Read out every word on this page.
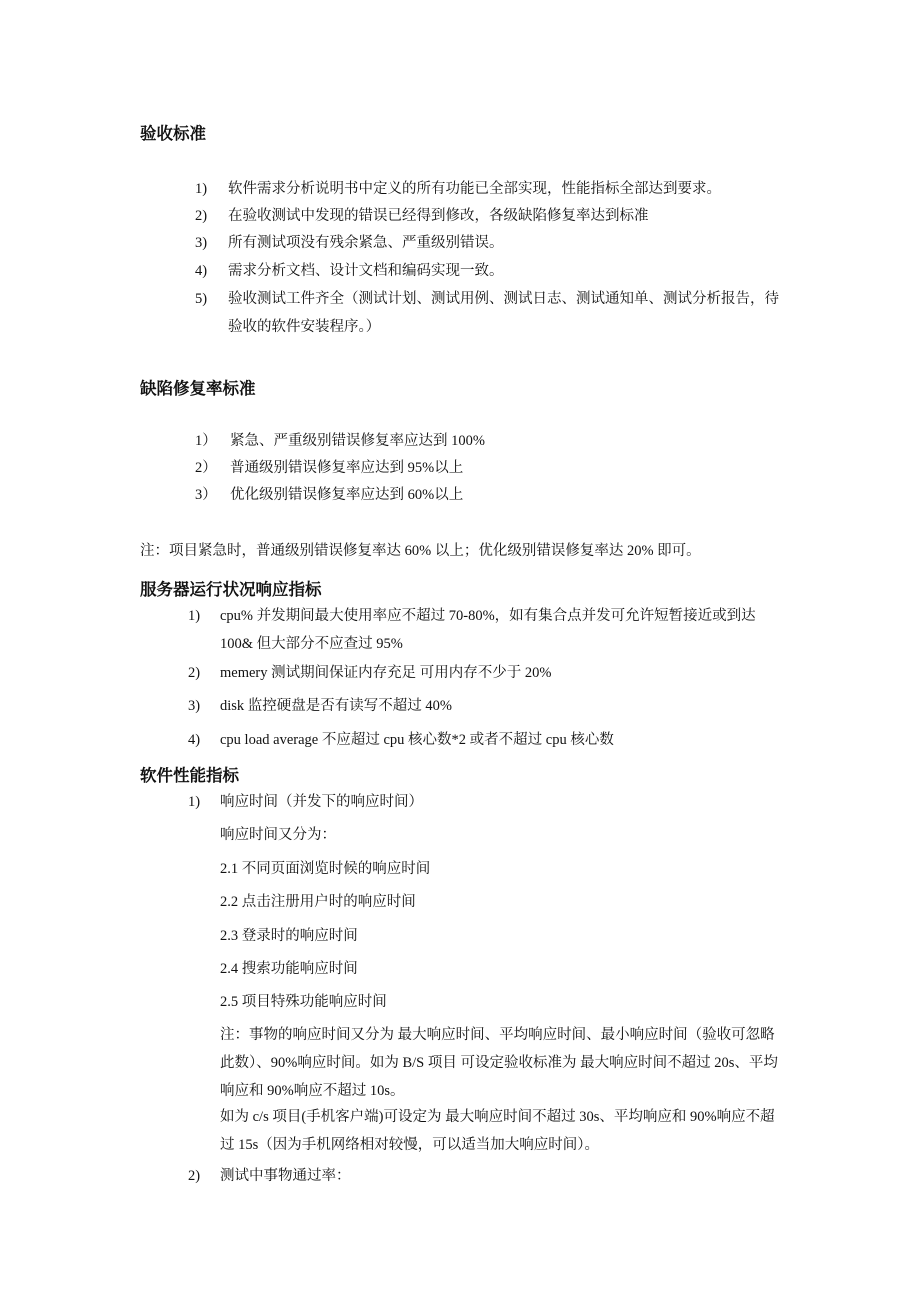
验收标准
1) 软件需求分析说明书中定义的所有功能已全部实现，性能指标全部达到要求。
2) 在验收测试中发现的错误已经得到修改，各级缺陷修复率达到标准
3) 所有测试项没有残余紧急、严重级别错误。
4) 需求分析文档、设计文档和编码实现一致。
5) 验收测试工件齐全（测试计划、测试用例、测试日志、测试通知单、测试分析报告，待验收的软件安装程序。）
缺陷修复率标准
1） 紧急、严重级别错误修复率应达到 100%
2） 普通级别错误修复率应达到 95%以上
3） 优化级别错误修复率应达到 60%以上
注：项目紧急时，普通级别错误修复率达 60% 以上；优化级别错误修复率达 20% 即可。
服务器运行状况响应指标
1) cpu% 并发期间最大使用率应不超过 70-80%，如有集合点并发可允许短暂接近或到达 100& 但大部分不应查过 95%
2) memery 测试期间保证内存充足 可用内存不少于 20%
3) disk 监控硬盘是否有读写不超过 40%
4) cpu load average 不应超过 cpu 核心数*2 或者不超过 cpu 核心数
软件性能指标
1) 响应时间（并发下的响应时间）
响应时间又分为：
2.1 不同页面浏览时候的响应时间
2.2 点击注册用户时的响应时间
2.3 登录时的响应时间
2.4 搜索功能响应时间
2.5 项目特殊功能响应时间
注：事物的响应时间又分为 最大响应时间、平均响应时间、最小响应时间（验收可忽略此数）、90%响应时间。如为 B/S 项目 可设定验收标准为 最大响应时间不超过 20s、平均响应和 90%响应不超过 10s。
如为 c/s 项目(手机客户端)可设定为 最大响应时间不超过 30s、平均响应和 90%响应不超过 15s（因为手机网络相对较慢，可以适当加大响应时间）。
2) 测试中事物通过率：
